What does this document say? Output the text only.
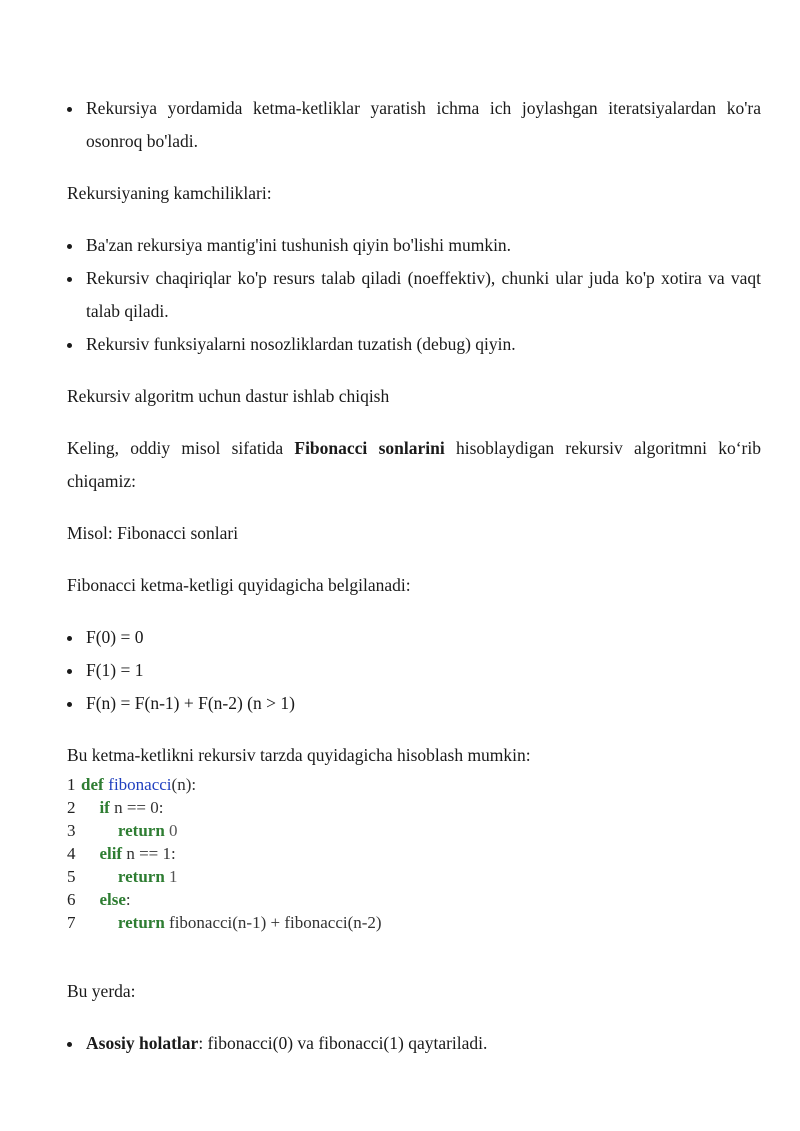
Rekursiya yordamida ketma-ketliklar yaratish ichma ich joylashgan iteratsiyalardan ko'ra osonroq bo'ladi.
Rekursiyaning kamchiliklari:
Ba'zan rekursiya mantig'ini tushunish qiyin bo'lishi mumkin.
Rekursiv chaqiriqlar ko'p resurs talab qiladi (noeffektiv), chunki ular juda ko'p xotira va vaqt talab qiladi.
Rekursiv funksiyalarni nosozliklardan tuzatish (debug) qiyin.
Rekursiv algoritm uchun dastur ishlab chiqish
Keling, oddiy misol sifatida Fibonacci sonlarini hisoblaydigan rekursiv algoritmni ko‘rib chiqamiz:
Misol: Fibonacci sonlari
Fibonacci ketma-ketligi quyidagicha belgilanadi:
F(0) = 0
F(1) = 1
F(n) = F(n-1) + F(n-2) (n > 1)
Bu ketma-ketlikni rekursiv tarzda quyidagicha hisoblash mumkin:
1 def fibonacci(n):
2 if n == 0:
3 return 0
4 elif n == 1:
5 return 1
6 else:
7 return fibonacci(n-1) + fibonacci(n-2)
Bu yerda:
Asosiy holatlar: fibonacci(0) va fibonacci(1) qaytariladi.
